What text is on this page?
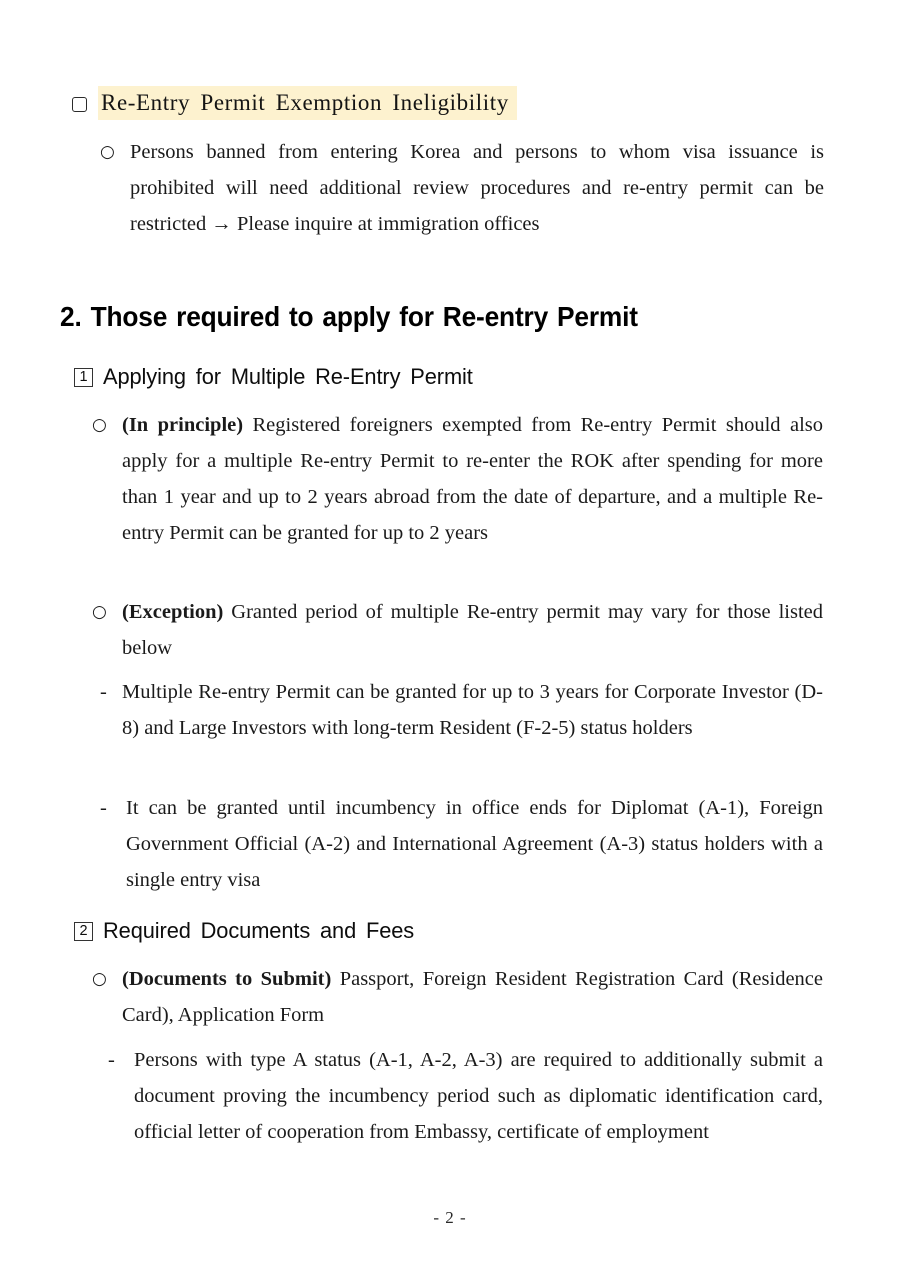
Re-Entry Permit Exemption Ineligibility
○ Persons banned from entering Korea and persons to whom visa issuance is prohibited will need additional review procedures and re-entry permit can be restricted → Please inquire at immigration offices
2. Those required to apply for Re-entry Permit
1 Applying for Multiple Re-Entry Permit
○ (In principle) Registered foreigners exempted from Re-entry Permit should also apply for a multiple Re-entry Permit to re-enter the ROK after spending for more than 1 year and up to 2 years abroad from the date of departure, and a multiple Re-entry Permit can be granted for up to 2 years
○ (Exception) Granted period of multiple Re-entry permit may vary for those listed below
- Multiple Re-entry Permit can be granted for up to 3 years for Corporate Investor (D-8) and Large Investors with long-term Resident (F-2-5) status holders
- It can be granted until incumbency in office ends for Diplomat (A-1), Foreign Government Official (A-2) and International Agreement (A-3) status holders with a single entry visa
2 Required Documents and Fees
○ (Documents to Submit) Passport, Foreign Resident Registration Card (Residence Card), Application Form
- Persons with type A status (A-1, A-2, A-3) are required to additionally submit a document proving the incumbency period such as diplomatic identification card, official letter of cooperation from Embassy, certificate of employment
- 2 -
